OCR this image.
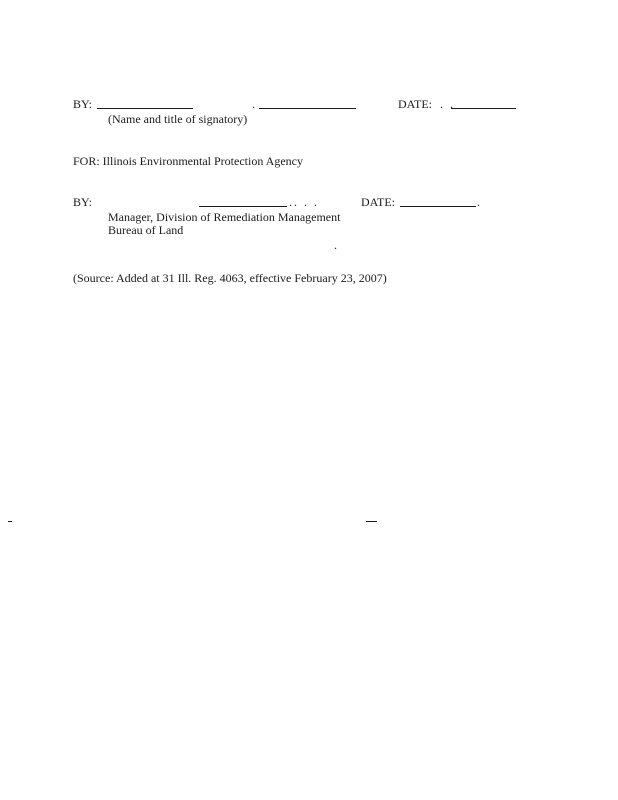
BY:	.	DATE: . .
(Name and title of signatory)
FOR: Illinois Environmental Protection Agency
BY:	.. . .	DATE:	.
Manager, Division of Remediation Management
Bureau of Land
.
(Source: Added at 31 Ill. Reg. 4063, effective February 23, 2007)
